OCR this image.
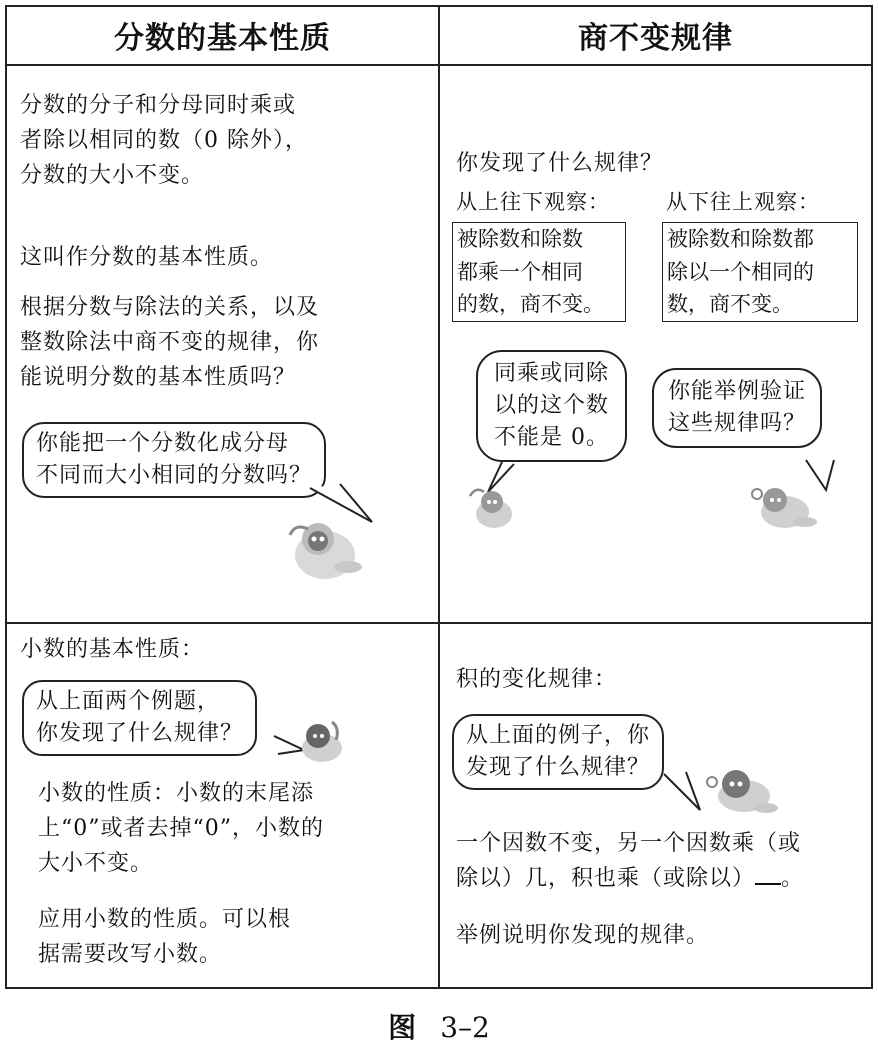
分数的基本性质	商不变规律
分数的分子和分母同时乘或
者除以相同的数（0 除外），
分数的大小不变。
这叫作分数的基本性质。
根据分数与除法的关系，以及
整数除法中商不变的规律，你
能说明分数的基本性质吗？
你能把一个分数化成分母
不同而大小相同的分数吗？
你发现了什么规律？
从上往下观察：	从下往上观察：
被除数和除数
都乘一个相同
的数，商不变。
被除数和除数都
除以一个相同的
数，商不变。
同乘或同除
以的这个数
不能是 0。
你能举例验证
这些规律吗？
小数的基本性质：
从上面两个例题，
你发现了什么规律？
小数的性质：小数的末尾添
上“0”或者去掉“0”，小数的
大小不变。
应用小数的性质。可以根
据需要改写小数。
积的变化规律：
从上面的例子，你
发现了什么规律？
一个因数不变，另一个因数乘（或
除以）几，积也乘（或除以） 。
举例说明你发现的规律。
图 3–2
